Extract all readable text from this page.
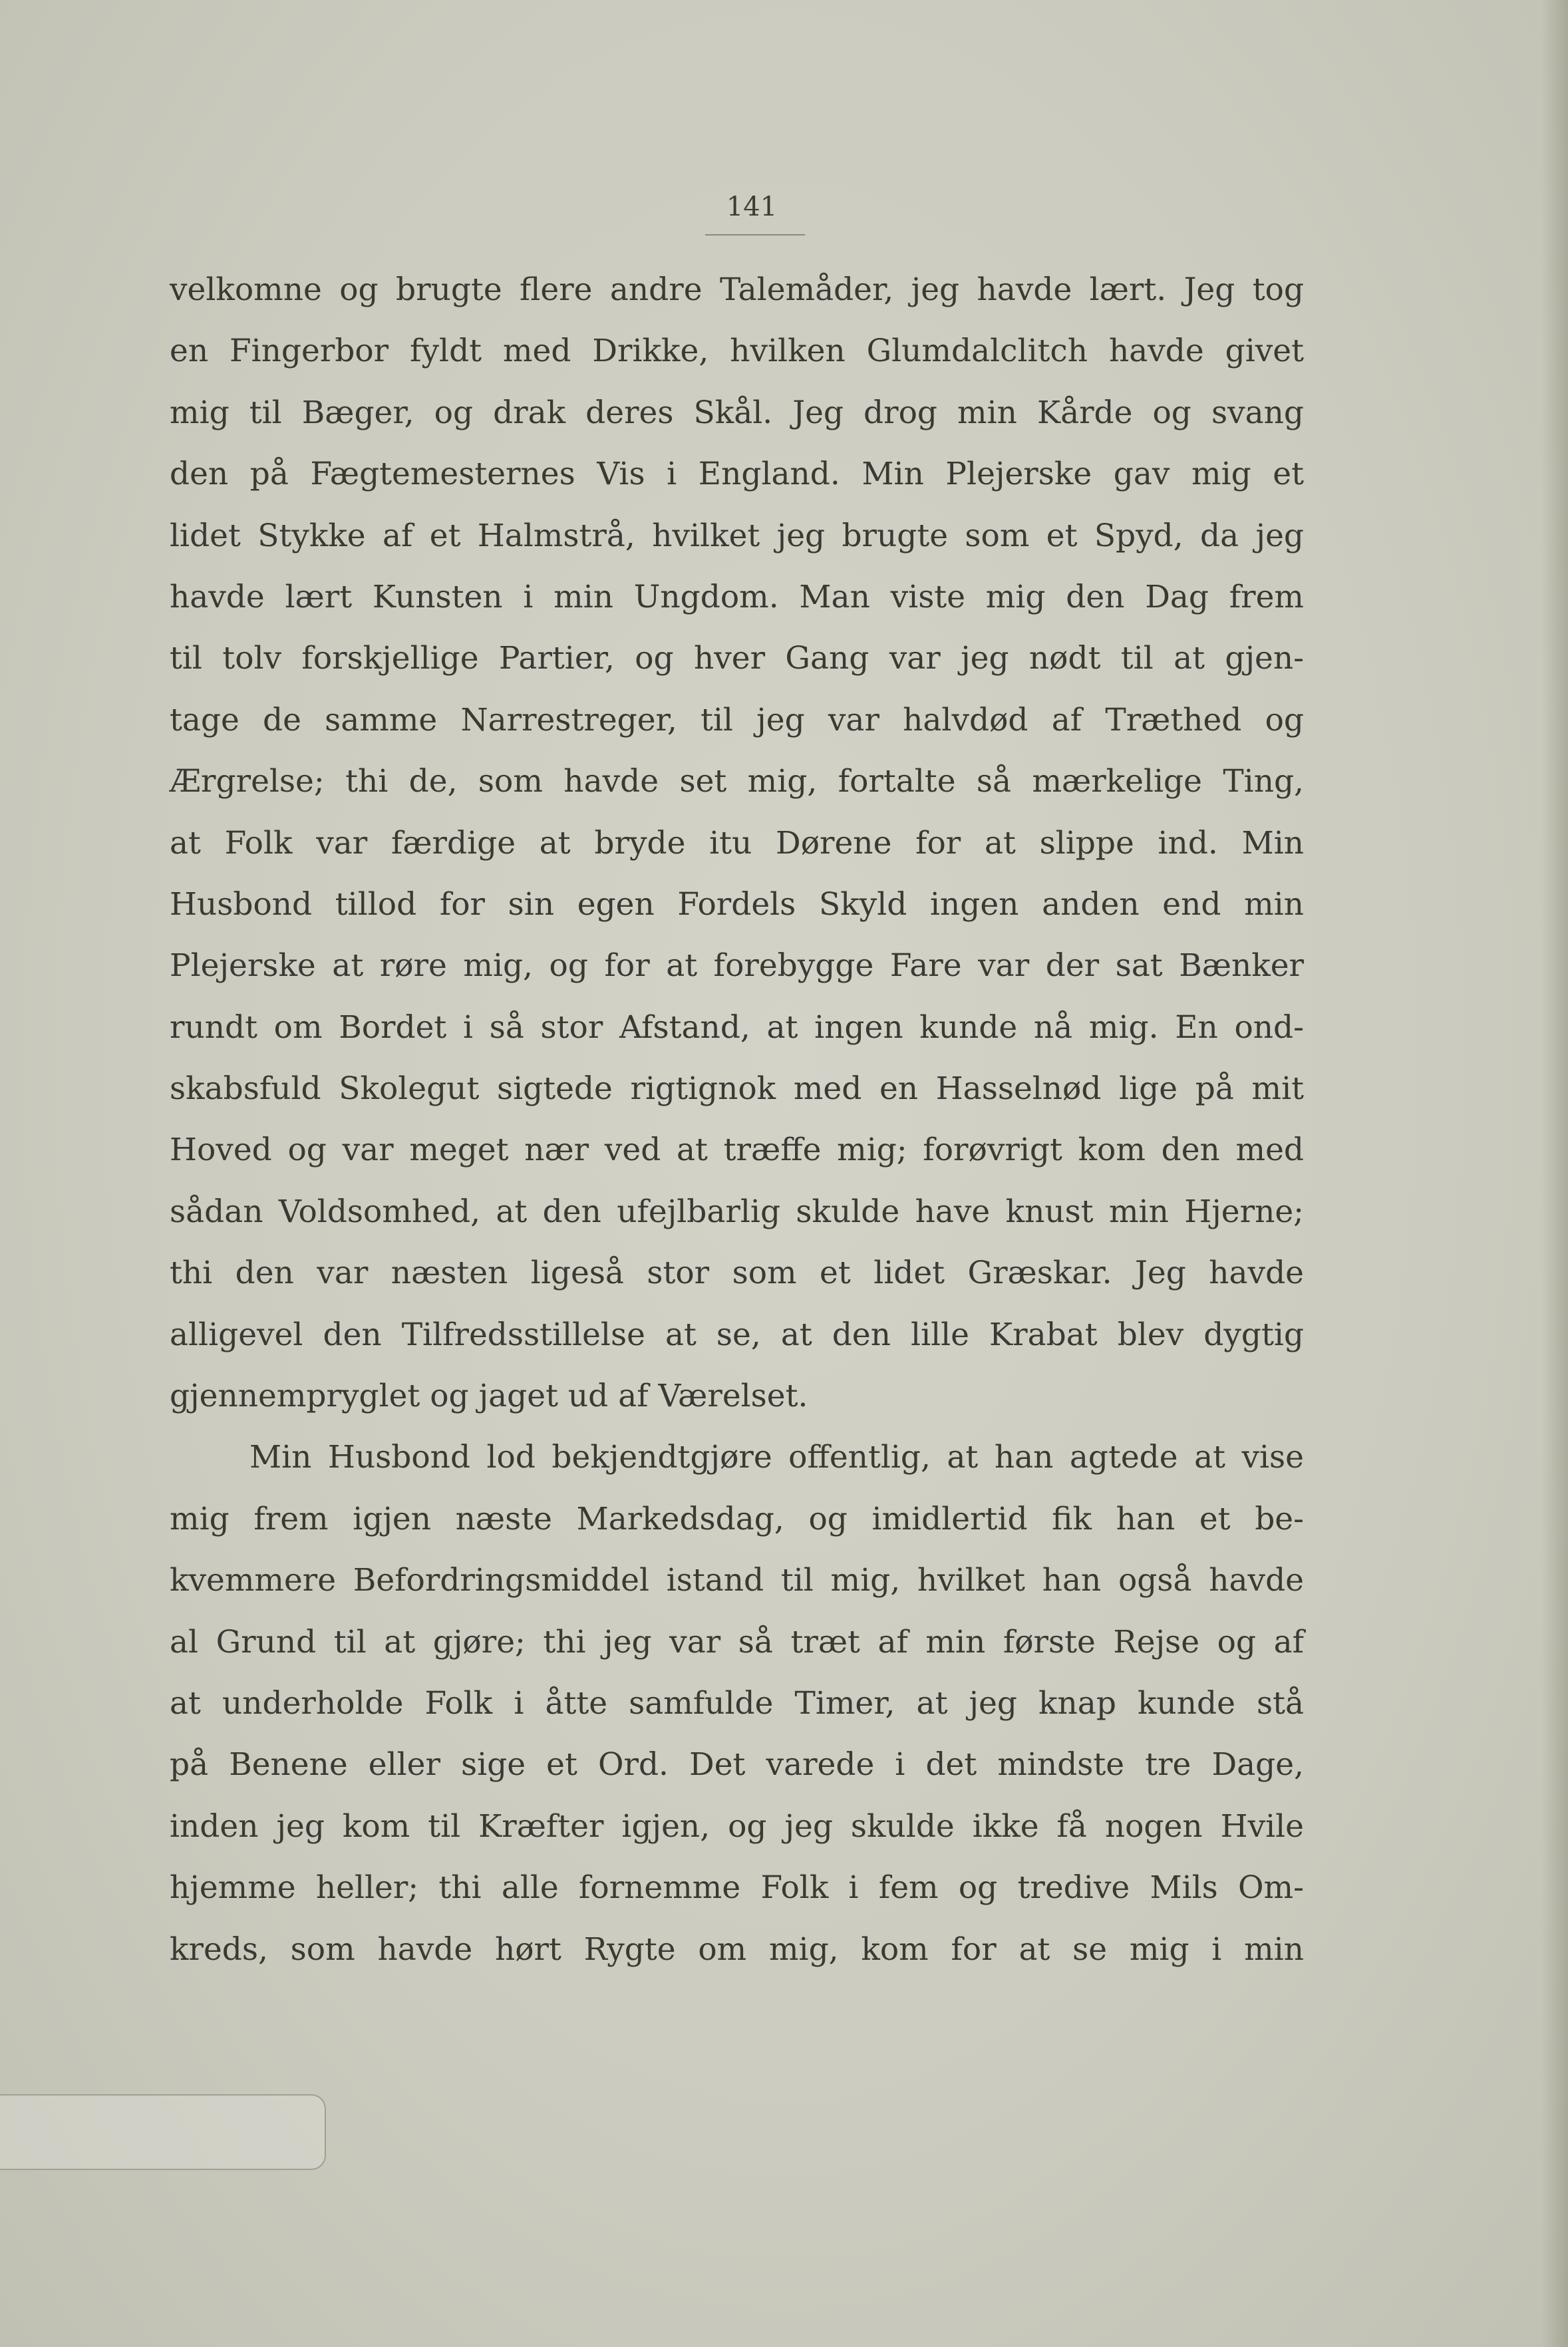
141
velkomne og brugte flere andre Talemåder, jeg havde lært. Jeg tog
en Fingerbor fyldt med Drikke, hvilken Glumdalclitch havde givet
mig til Bæger, og drak deres Skål. Jeg drog min Kårde og svang
den på Fægtemesternes Vis i England. Min Plejerske gav mig et
lidet Stykke af et Halmstrå, hvilket jeg brugte som et Spyd, da jeg
havde lært Kunsten i min Ungdom. Man viste mig den Dag frem
til tolv forskjellige Partier, og hver Gang var jeg nødt til at gjen-
tage de samme Narrestreger, til jeg var halvdød af Træthed og
Ærgrelse; thi de, som havde set mig, fortalte så mærkelige Ting,
at Folk var færdige at bryde itu Dørene for at slippe ind. Min
Husbond tillod for sin egen Fordels Skyld ingen anden end min
Plejerske at røre mig, og for at forebygge Fare var der sat Bænker
rundt om Bordet i så stor Afstand, at ingen kunde nå mig. En ond-
skabsfuld Skolegut sigtede rigtignok med en Hasselnød lige på mit
Hoved og var meget nær ved at træffe mig; forøvrigt kom den med
sådan Voldsomhed, at den ufejlbarlig skulde have knust min Hjerne;
thi den var næsten ligeså stor som et lidet Græskar. Jeg havde
alligevel den Tilfredsstillelse at se, at den lille Krabat blev dygtig
gjennempryglet og jaget ud af Værelset.
Min Husbond lod bekjendtgjøre offentlig, at han agtede at vise
mig frem igjen næste Markedsdag, og imidlertid fik han et be-
kvemmere Befordringsmiddel istand til mig, hvilket han også havde
al Grund til at gjøre; thi jeg var så træt af min første Rejse og af
at underholde Folk i åtte samfulde Timer, at jeg knap kunde stå
på Benene eller sige et Ord. Det varede i det mindste tre Dage,
inden jeg kom til Kræfter igjen, og jeg skulde ikke få nogen Hvile
hjemme heller; thi alle fornemme Folk i fem og tredive Mils Om-
kreds, som havde hørt Rygte om mig, kom for at se mig i min
